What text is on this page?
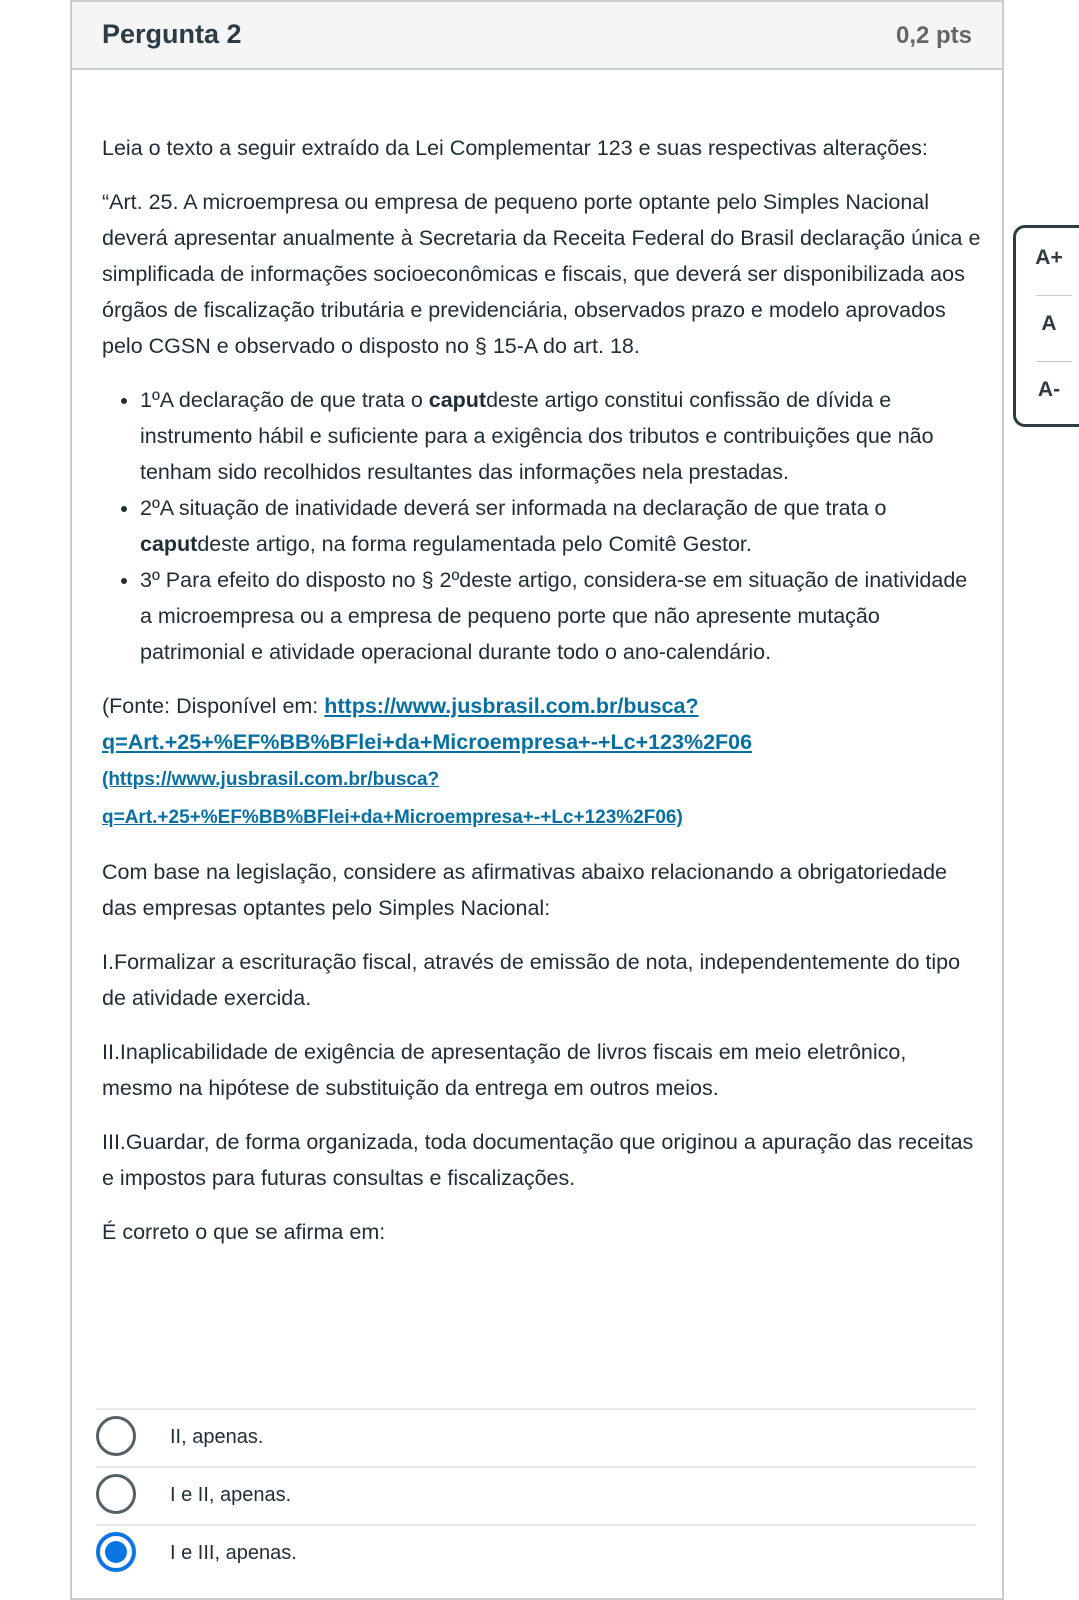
Pergunta 2	0,2 pts

Leia o texto a seguir extraído da Lei Complementar 123 e suas respectivas alterações:

“Art. 25. A microempresa ou empresa de pequeno porte optante pelo Simples Nacional deverá apresentar anualmente à Secretaria da Receita Federal do Brasil declaração única e simplificada de informações socioeconômicas e fiscais, que deverá ser disponibilizada aos órgãos de fiscalização tributária e previdenciária, observados prazo e modelo aprovados pelo CGSN e observado o disposto no § 15-A do art. 18.

• 1ºA declaração de que trata o caputdeste artigo constitui confissão de dívida e instrumento hábil e suficiente para a exigência dos tributos e contribuições que não tenham sido recolhidos resultantes das informações nela prestadas.
• 2ºA situação de inatividade deverá ser informada na declaração de que trata o caputdeste artigo, na forma regulamentada pelo Comitê Gestor.
• 3º Para efeito do disposto no § 2ºdeste artigo, considera-se em situação de inatividade a microempresa ou a empresa de pequeno porte que não apresente mutação patrimonial e atividade operacional durante todo o ano-calendário.

(Fonte: Disponível em: https://www.jusbrasil.com.br/busca?
q=Art.+25+%EF%BB%BFlei+da+Microempresa+-+Lc+123%2F06
(https://www.jusbrasil.com.br/busca?
q=Art.+25+%EF%BB%BFlei+da+Microempresa+-+Lc+123%2F06)

Com base na legislação, considere as afirmativas abaixo relacionando a obrigatoriedade das empresas optantes pelo Simples Nacional:

I.Formalizar a escrituração fiscal, através de emissão de nota, independentemente do tipo de atividade exercida.

II.Inaplicabilidade de exigência de apresentação de livros fiscais em meio eletrônico, mesmo na hipótese de substituição da entrega em outros meios.

III.Guardar, de forma organizada, toda documentação que originou a apuração das receitas e impostos para futuras consultas e fiscalizações.

É correto o que se afirma em:

II, apenas.
I e II, apenas.
I e III, apenas.
A+
A
A-
